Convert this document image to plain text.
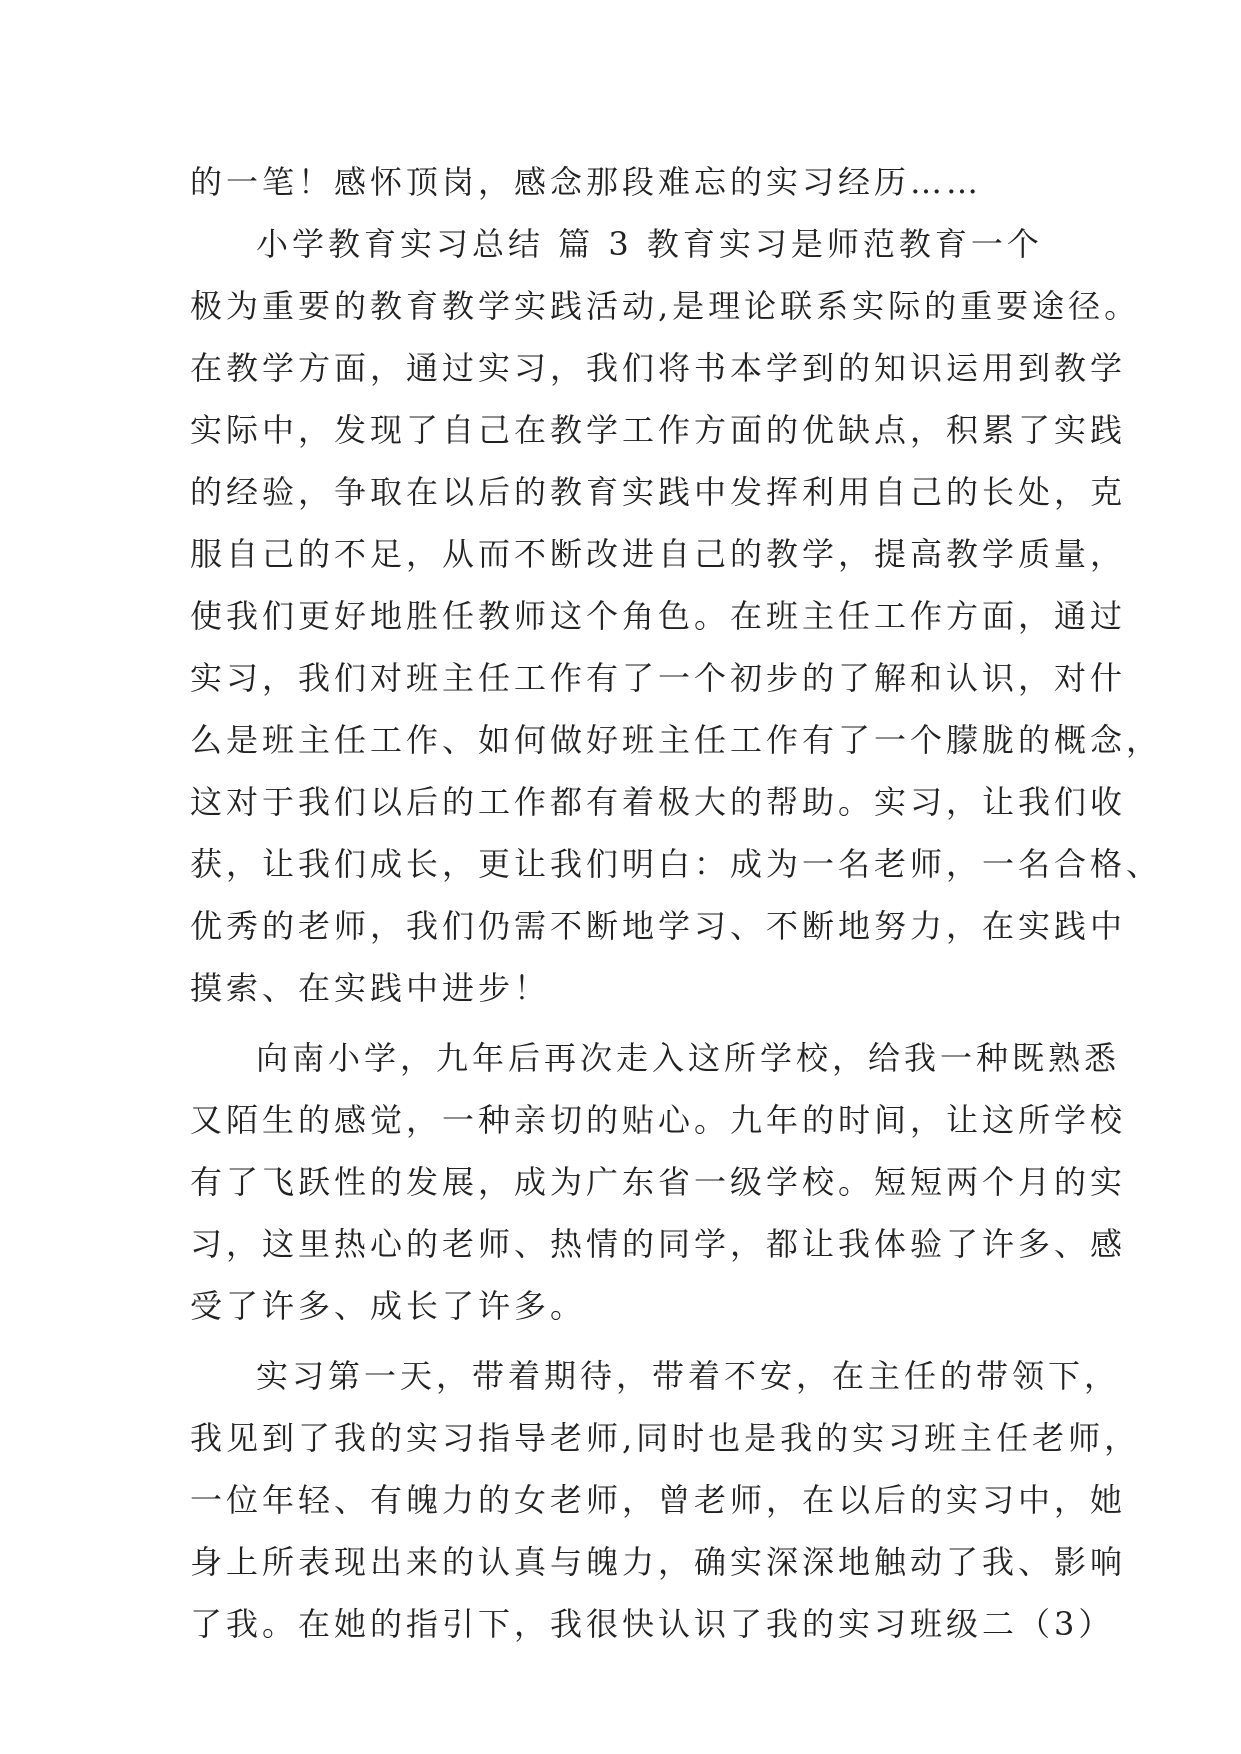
的一笔！感怀顶岗，感念那段难忘的实习经历……
小学教育实习总结 篇 3 教育实习是师范教育一个
极为重要的教育教学实践活动,是理论联系实际的重要途径。
在教学方面，通过实习，我们将书本学到的知识运用到教学
实际中，发现了自己在教学工作方面的优缺点，积累了实践
的经验，争取在以后的教育实践中发挥利用自己的长处，克
服自己的不足，从而不断改进自己的教学，提高教学质量，
使我们更好地胜任教师这个角色。在班主任工作方面，通过
实习，我们对班主任工作有了一个初步的了解和认识，对什
么是班主任工作、如何做好班主任工作有了一个朦胧的概念，
这对于我们以后的工作都有着极大的帮助。实习，让我们收
获，让我们成长，更让我们明白：成为一名老师，一名合格、
优秀的老师，我们仍需不断地学习、不断地努力，在实践中
摸索、在实践中进步！
向南小学，九年后再次走入这所学校，给我一种既熟悉
又陌生的感觉，一种亲切的贴心。九年的时间，让这所学校
有了飞跃性的发展，成为广东省一级学校。短短两个月的实
习，这里热心的老师、热情的同学，都让我体验了许多、感
受了许多、成长了许多。
实习第一天，带着期待，带着不安，在主任的带领下，
我见到了我的实习指导老师,同时也是我的实习班主任老师，
一位年轻、有魄力的女老师，曾老师，在以后的实习中，她
身上所表现出来的认真与魄力，确实深深地触动了我、影响
了我。在她的指引下，我很快认识了我的实习班级二（3）
